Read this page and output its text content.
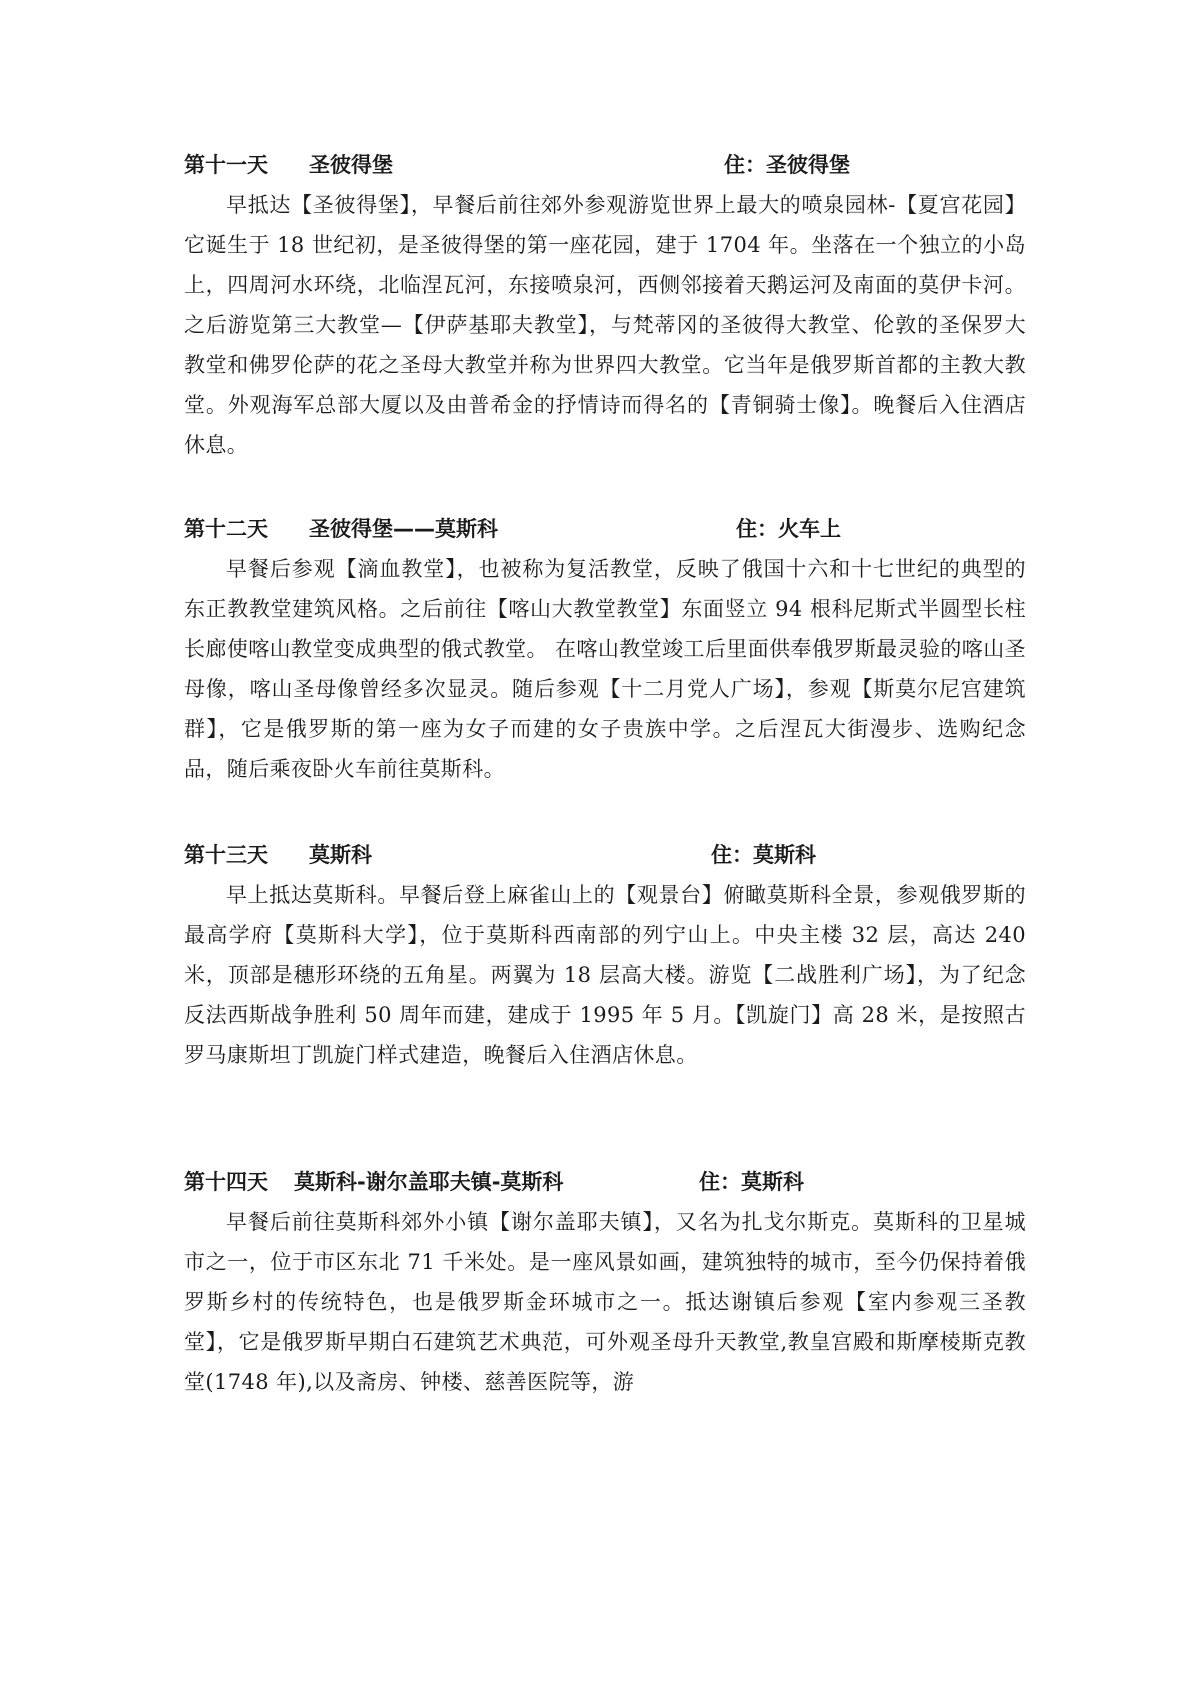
第十一天 圣彼得堡	住：圣彼得堡

早抵达【圣彼得堡】，早餐后前往郊外参观游览世界上最大的喷泉园林-【夏宫花园】它诞生于 18 世纪初，是圣彼得堡的第一座花园，建于 1704 年。坐落在一个独立的小岛上，四周河水环绕，北临涅瓦河，东接喷泉河，西侧邻接着天鹅运河及南面的莫伊卡河。之后游览第三大教堂—【伊萨基耶夫教堂】，与梵蒂冈的圣彼得大教堂、伦敦的圣保罗大教堂和佛罗伦萨的花之圣母大教堂并称为世界四大教堂。它当年是俄罗斯首都的主教大教堂。外观海军总部大厦以及由普希金的抒情诗而得名的【青铜骑士像】。晚餐后入住酒店休息。

第十二天 圣彼得堡——莫斯科	住：火车上

早餐后参观【滴血教堂】，也被称为复活教堂，反映了俄国十六和十七世纪的典型的东正教教堂建筑风格。之后前往【喀山大教堂教堂】东面竖立 94 根科尼斯式半圆型长柱长廊使喀山教堂变成典型的俄式教堂。 在喀山教堂竣工后里面供奉俄罗斯最灵验的喀山圣母像，喀山圣母像曾经多次显灵。随后参观【十二月党人广场】，参观【斯莫尔尼宫建筑群】，它是俄罗斯的第一座为女子而建的女子贵族中学。之后涅瓦大街漫步、选购纪念品，随后乘夜卧火车前往莫斯科。

第十三天 莫斯科	住：莫斯科

早上抵达莫斯科。早餐后登上麻雀山上的【观景台】俯瞰莫斯科全景，参观俄罗斯的最高学府【莫斯科大学】，位于莫斯科西南部的列宁山上。中央主楼 32 层，高达 240 米，顶部是穗形环绕的五角星。两翼为 18 层高大楼。游览【二战胜利广场】，为了纪念反法西斯战争胜利 50 周年而建，建成于 1995 年 5 月。【凯旋门】高 28 米，是按照古罗马康斯坦丁凯旋门样式建造，晚餐后入住酒店休息。

第十四天 莫斯科-谢尔盖耶夫镇-莫斯科	住：莫斯科

早餐后前往莫斯科郊外小镇【谢尔盖耶夫镇】，又名为扎戈尔斯克。莫斯科的卫星城市之一，位于市区东北 71 千米处。是一座风景如画，建筑独特的城市，至今仍保持着俄罗斯乡村的传统特色，也是俄罗斯金环城市之一。抵达谢镇后参观【室内参观三圣教堂】，它是俄罗斯早期白石建筑艺术典范，可外观圣母升天教堂,教皇宫殿和斯摩棱斯克教堂(1748 年),以及斋房、钟楼、慈善医院等，游
